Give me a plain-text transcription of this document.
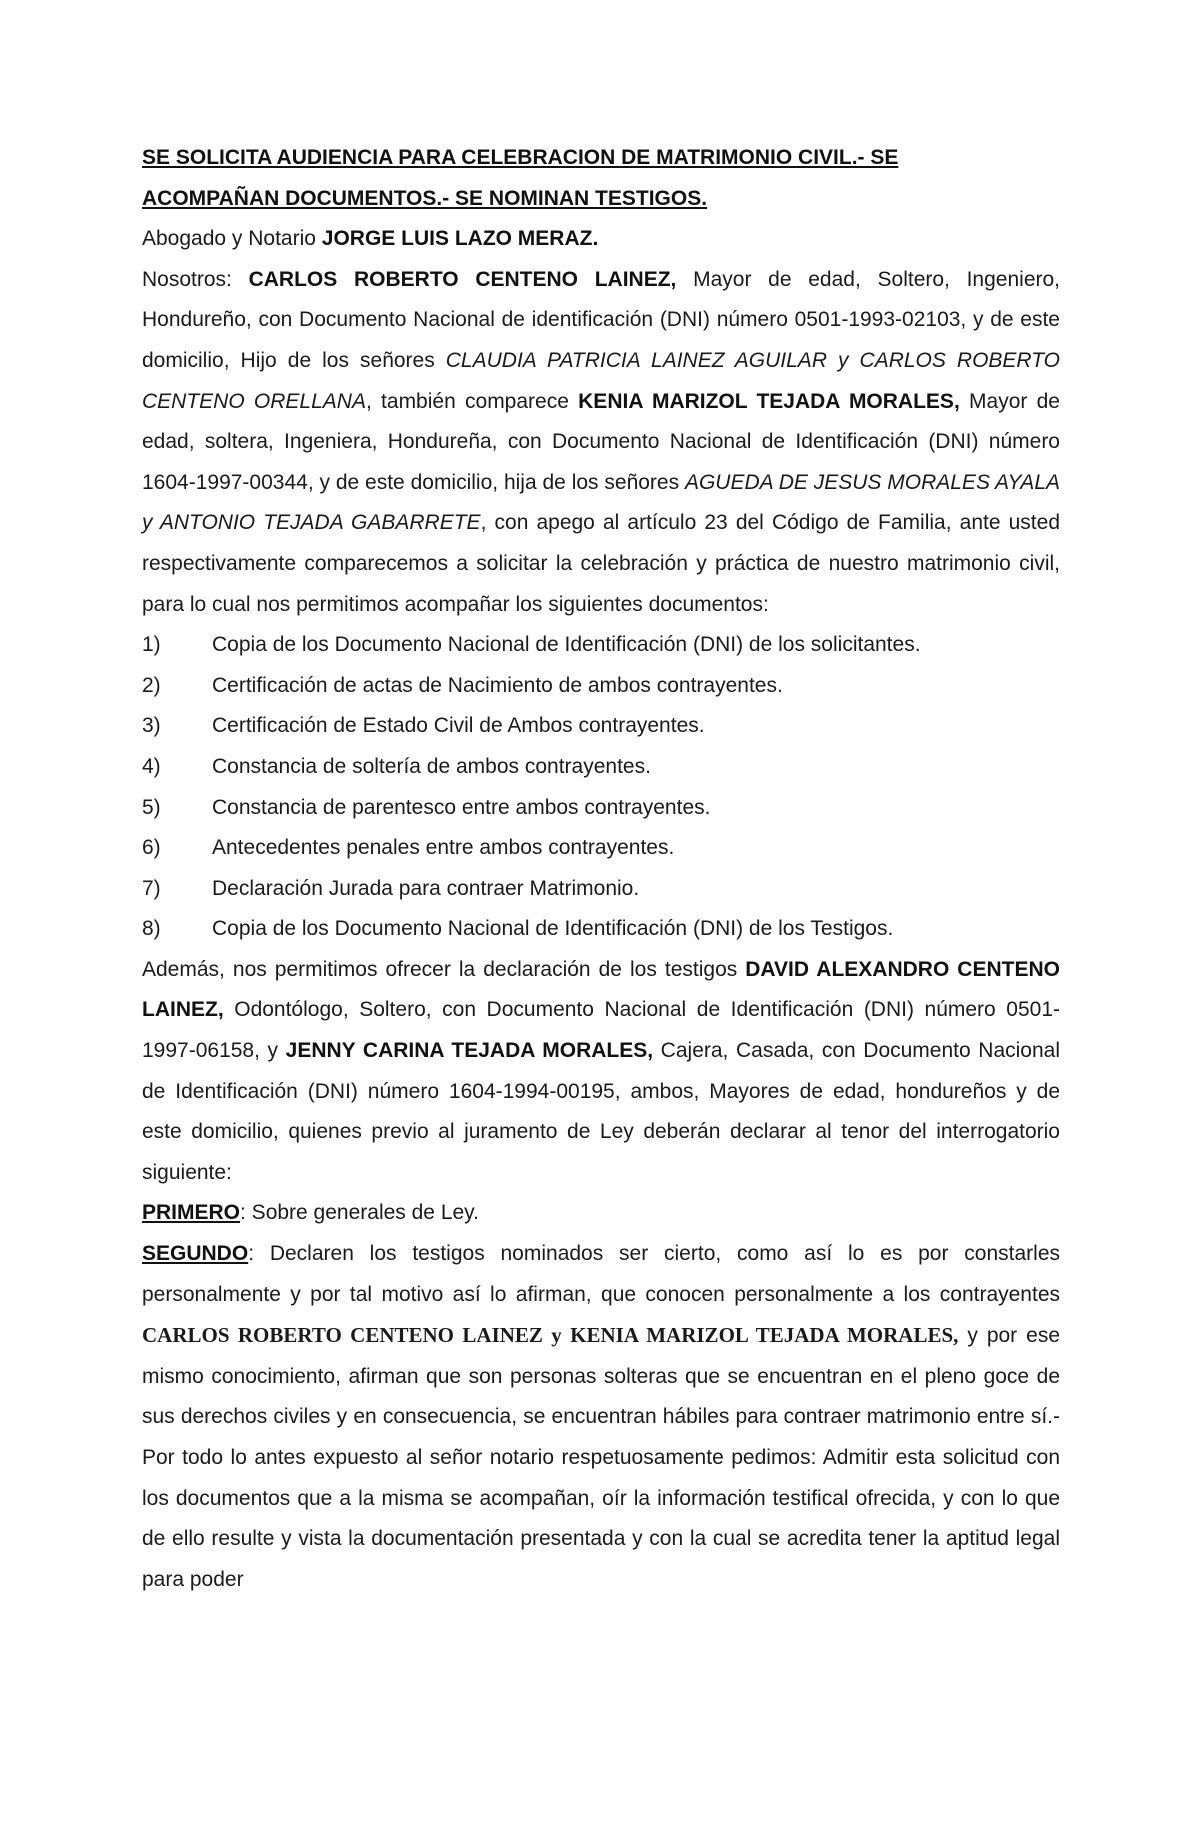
SE SOLICITA AUDIENCIA PARA CELEBRACION DE MATRIMONIO CIVIL.- SE
ACOMPAÑAN DOCUMENTOS.- SE NOMINAN TESTIGOS.

Abogado y Notario JORGE LUIS LAZO MERAZ.

Nosotros: CARLOS ROBERTO CENTENO LAINEZ, Mayor de edad, Soltero, Ingeniero, Hondureño, con Documento Nacional de identificación (DNI) número 0501-1993-02103, y de este domicilio, Hijo de los señores CLAUDIA PATRICIA LAINEZ AGUILAR y CARLOS ROBERTO CENTENO ORELLANA, también comparece KENIA MARIZOL TEJADA MORALES, Mayor de edad, soltera, Ingeniera, Hondureña, con Documento Nacional de Identificación (DNI) número 1604-1997-00344, y de este domicilio, hija de los señores AGUEDA DE JESUS MORALES AYALA y ANTONIO TEJADA GABARRETE, con apego al artículo 23 del Código de Familia, ante usted respectivamente comparecemos a solicitar la celebración y práctica de nuestro matrimonio civil, para lo cual nos permitimos acompañar los siguientes documentos:

1)	Copia de los Documento Nacional de Identificación (DNI) de los solicitantes.
2)	Certificación de actas de Nacimiento de ambos contrayentes.
3)	Certificación de Estado Civil de Ambos contrayentes.
4)	Constancia de soltería de ambos contrayentes.
5)	Constancia de parentesco entre ambos contrayentes.
6)	Antecedentes penales entre ambos contrayentes.
7)	Declaración Jurada para contraer Matrimonio.
8)	Copia de los Documento Nacional de Identificación (DNI) de los Testigos.

Además, nos permitimos ofrecer la declaración de los testigos DAVID ALEXANDRO CENTENO LAINEZ, Odontólogo, Soltero, con Documento Nacional de Identificación (DNI) número 0501-1997-06158, y JENNY CARINA TEJADA MORALES, Cajera, Casada, con Documento Nacional de Identificación (DNI) número 1604-1994-00195, ambos, Mayores de edad, hondureños y de este domicilio, quienes previo al juramento de Ley deberán declarar al tenor del interrogatorio siguiente:

PRIMERO: Sobre generales de Ley.

SEGUNDO: Declaren los testigos nominados ser cierto, como así lo es por constarles personalmente y por tal motivo así lo afirman, que conocen personalmente a los contrayentes CARLOS ROBERTO CENTENO LAINEZ y KENIA MARIZOL TEJADA MORALES, y por ese mismo conocimiento, afirman que son personas solteras que se encuentran en el pleno goce de sus derechos civiles y en consecuencia, se encuentran hábiles para contraer matrimonio entre sí.- Por todo lo antes expuesto al señor notario respetuosamente pedimos: Admitir esta solicitud con los documentos que a la misma se acompañan, oír la información testifical ofrecida, y con lo que de ello resulte y vista la documentación presentada y con la cual se acredita tener la aptitud legal para poder
